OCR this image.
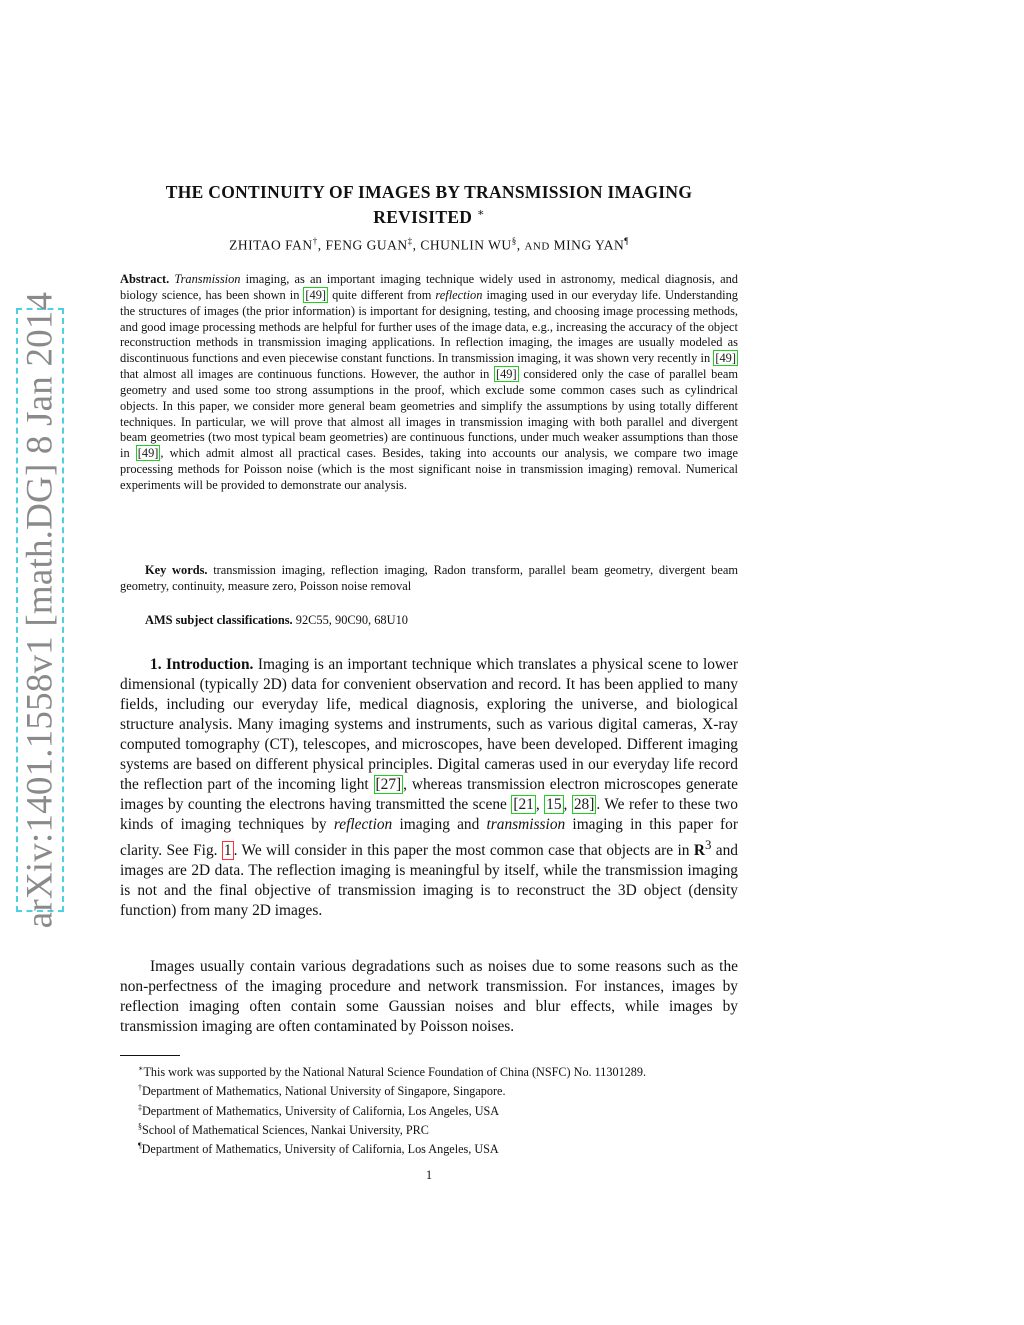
arXiv:1401.1558v1 [math.DG] 8 Jan 2014
THE CONTINUITY OF IMAGES BY TRANSMISSION IMAGING
REVISITED ∗
ZHITAO FAN†, FENG GUAN‡, CHUNLIN WU§, AND MING YAN¶
Abstract. Transmission imaging, as an important imaging technique widely used in astronomy, medical diagnosis, and biology science, has been shown in [49] quite different from reflection imaging used in our everyday life. Understanding the structures of images (the prior information) is important for designing, testing, and choosing image processing methods, and good image processing methods are helpful for further uses of the image data, e.g., increasing the accuracy of the object reconstruction methods in transmission imaging applications. In reflection imaging, the images are usually modeled as discontinuous functions and even piecewise constant functions. In transmission imaging, it was shown very recently in [49] that almost all images are continuous functions. However, the author in [49] considered only the case of parallel beam geometry and used some too strong assumptions in the proof, which exclude some common cases such as cylindrical objects. In this paper, we consider more general beam geometries and simplify the assumptions by using totally different techniques. In particular, we will prove that almost all images in transmission imaging with both parallel and divergent beam geometries (two most typical beam geometries) are continuous functions, under much weaker assumptions than those in [49] , which admit almost all practical cases. Besides, taking into accounts our analysis, we compare two image processing methods for Poisson noise (which is the most significant noise in transmission imaging) removal. Numerical experiments will be provided to demonstrate our analysis.
Key words. transmission imaging, reflection imaging, Radon transform, parallel beam geometry, divergent beam geometry, continuity, measure zero, Poisson noise removal
AMS subject classifications. 92C55, 90C90, 68U10
1. Introduction. Imaging is an important technique which translates a physical scene to lower dimensional (typically 2D) data for convenient observation and record. It has been applied to many fields, including our everyday life, medical diagnosis, exploring the universe, and biological structure analysis. Many imaging systems and instruments, such as various digital cameras, X-ray computed tomography (CT), telescopes, and microscopes, have been developed. Different imaging systems are based on different physical principles. Digital cameras used in our everyday life record the reflection part of the incoming light [27] , whereas transmission electron microscopes generate images by counting the electrons having transmitted the scene [21 , 15 , 28] . We refer to these two kinds of imaging techniques by reflection imaging and transmission imaging in this paper for clarity. See Fig. 1 . We will consider in this paper the most common case that objects are in $R^3$ and images are 2D data. The reflection imaging is meaningful by itself, while the transmission imaging is not and the final objective of transmission imaging is to reconstruct the 3D object (density function) from many 2D images.
Images usually contain various degradations such as noises due to some reasons such as the non-perfectness of the imaging procedure and network transmission. For instances, images by reflection imaging often contain some Gaussian noises and blur effects, while images by transmission imaging are often contaminated by Poisson noises.
∗This work was supported by the National Natural Science Foundation of China (NSFC) No. 11301289.
†Department of Mathematics, National University of Singapore, Singapore.
‡Department of Mathematics, University of California, Los Angeles, USA
§School of Mathematical Sciences, Nankai University, PRC
¶Department of Mathematics, University of California, Los Angeles, USA
1
